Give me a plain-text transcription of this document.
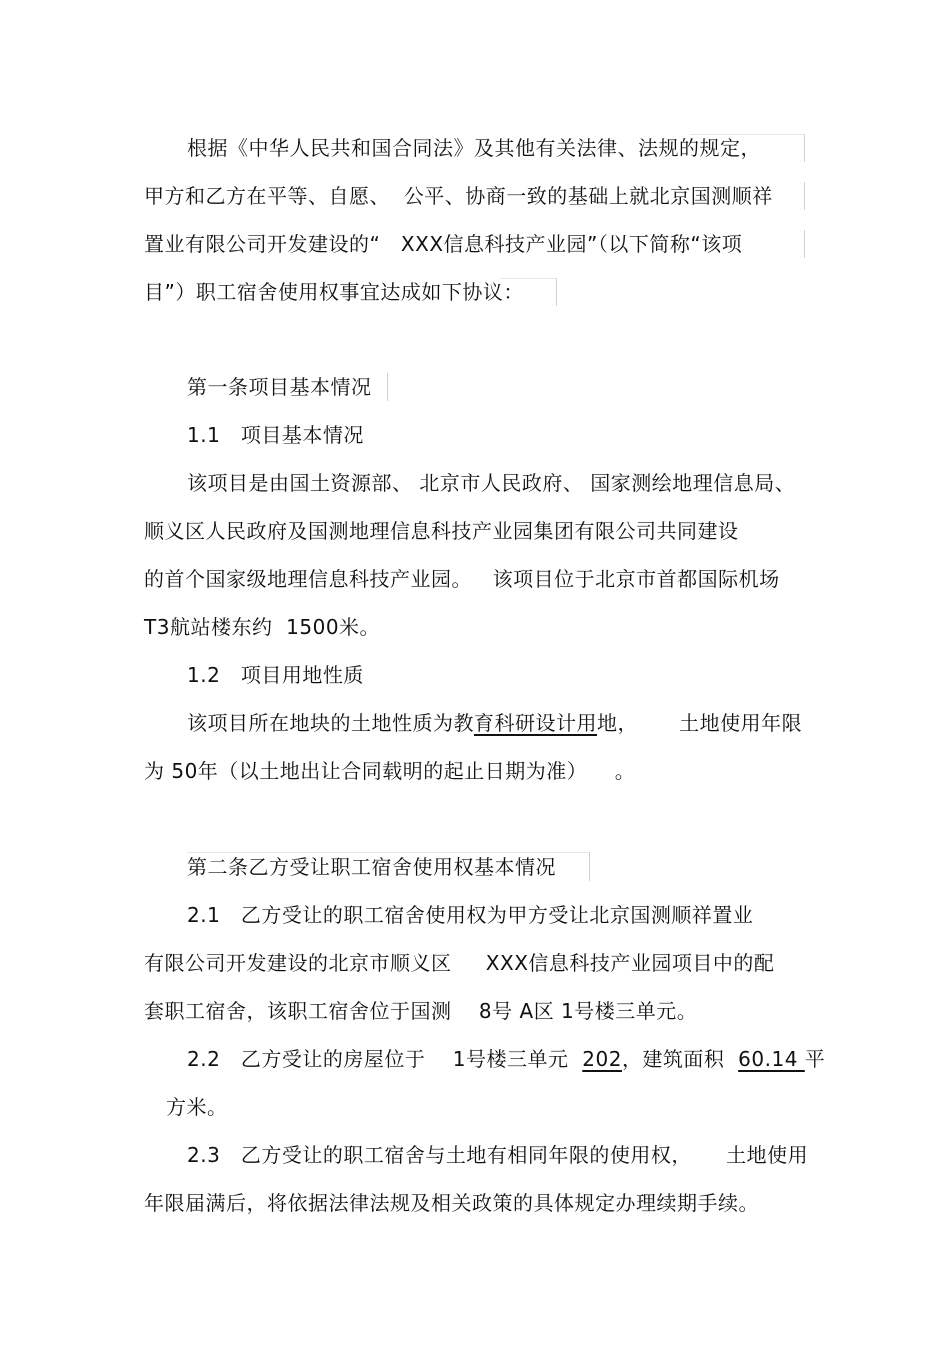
根据《中华人民共和国合同法》及其他有关法律、法规的规定，
甲方和乙方在平等、自愿、  公平、协商一致的基础上就北京国测顺祥
置业有限公司开发建设的“   XXX信息科技产业园”（以下简称“该项
目”）职工宿舍使用权事宜达成如下协议：
第一条项目基本情况
1.1   项目基本情况
该项目是由国土资源部、 北京市人民政府、 国家测绘地理信息局、
顺义区人民政府及国测地理信息科技产业园集团有限公司共同建设
的首个国家级地理信息科技产业园。   该项目位于北京市首都国际机场
T3航站楼东约  1500米。
1.2   项目用地性质
该项目所在地块的土地性质为教育科研设计用地，      土地使用年限
为 50年（以土地出让合同载明的起止日期为准）    。
第二条乙方受让职工宿舍使用权基本情况
2.1   乙方受让的职工宿舍使用权为甲方受让北京国测顺祥置业
有限公司开发建设的北京市顺义区     XXX信息科技产业园项目中的配
套职工宿舍，该职工宿舍位于国测    8号 A区 1号楼三单元。
2.2   乙方受让的房屋位于    1号楼三单元  202，建筑面积  60.14 平
方米。
2.3   乙方受让的职工宿舍与土地有相同年限的使用权，     土地使用
年限届满后，将依据法律法规及相关政策的具体规定办理续期手续。
